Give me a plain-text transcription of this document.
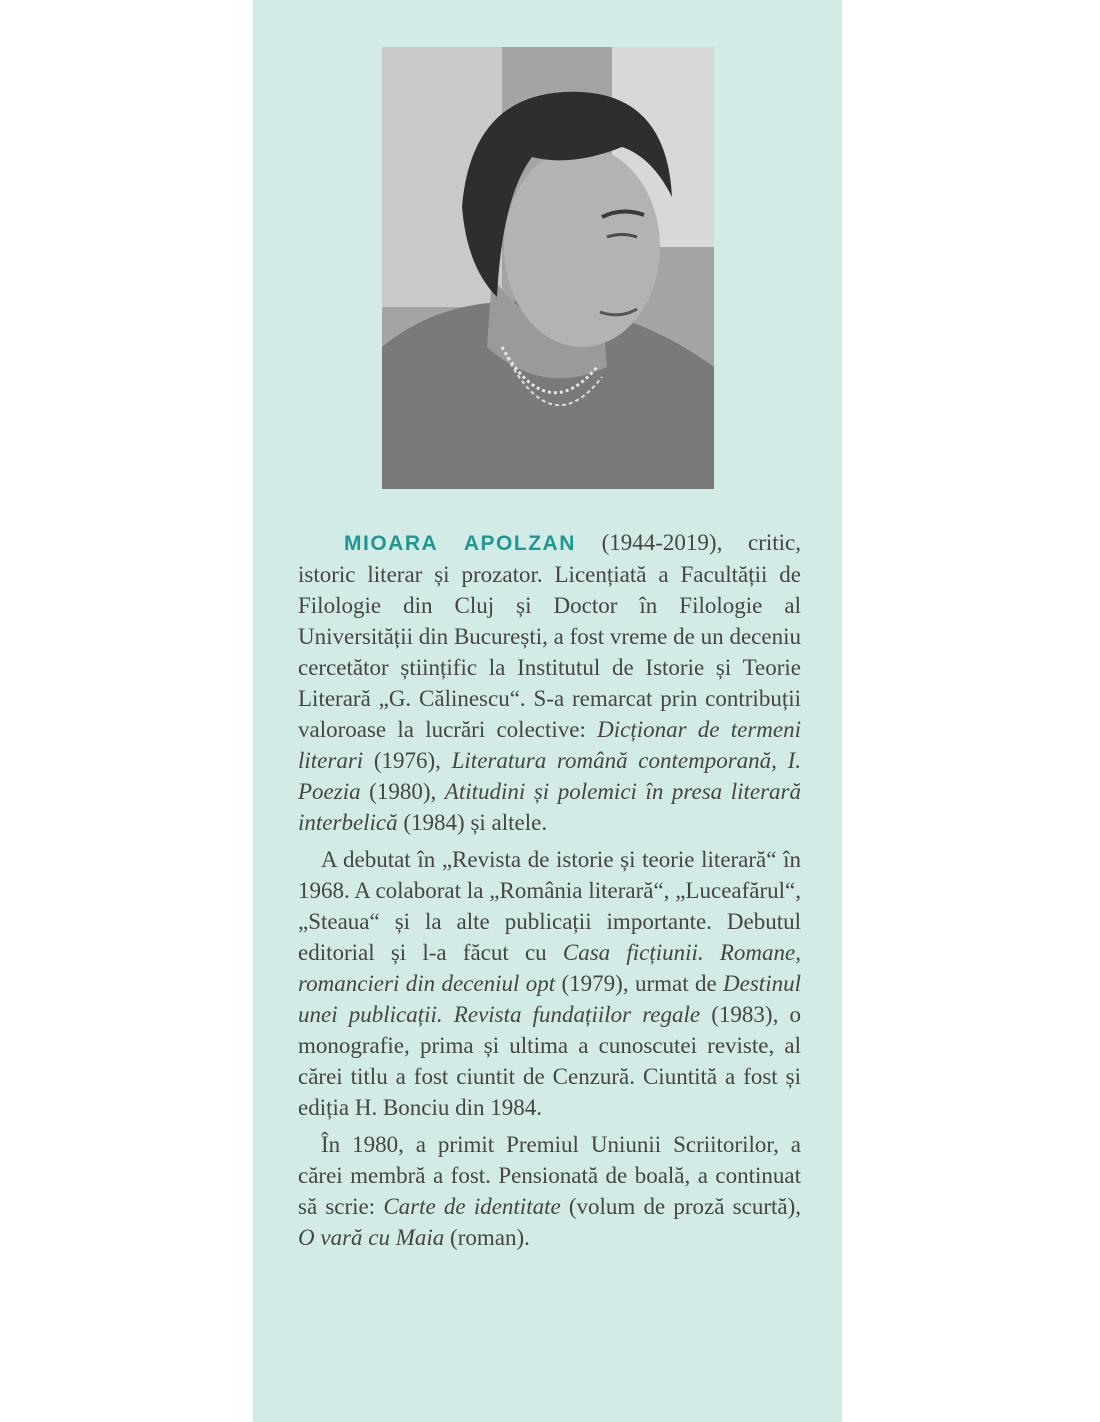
MIOARA APOLZAN (1944-2019), critic, istoric literar și prozator. Licențiată a Facultății de Filologie din Cluj și Doctor în Filologie al Universității din București, a fost vreme de un deceniu cercetător științific la Institutul de Istorie și Teorie Literară „G. Călinescu“. S-a remarcat prin contribuții valoroase la lucrări colective: Dicționar de termeni literari (1976), Literatura română contemporană, I. Poezia (1980), Atitudini și polemici în presa literară interbelică (1984) și altele.

A debutat în „Revista de istorie și teorie literară“ în 1968. A colaborat la „România literară“, „Luceafărul“, „Steaua“ și la alte publicații importante. Debutul editorial și l-a făcut cu Casa ficțiunii. Romane, romancieri din deceniul opt (1979), urmat de Destinul unei publicații. Revista fundațiilor regale (1983), o monografie, prima și ultima a cunoscutei reviste, al cărei titlu a fost ciuntit de Cenzură. Ciuntită a fost și ediția H. Bonciu din 1984.

În 1980, a primit Premiul Uniunii Scriitorilor, a cărei membră a fost. Pensionată de boală, a continuat să scrie: Carte de identitate (volum de proză scurtă), O vară cu Maia (roman).
